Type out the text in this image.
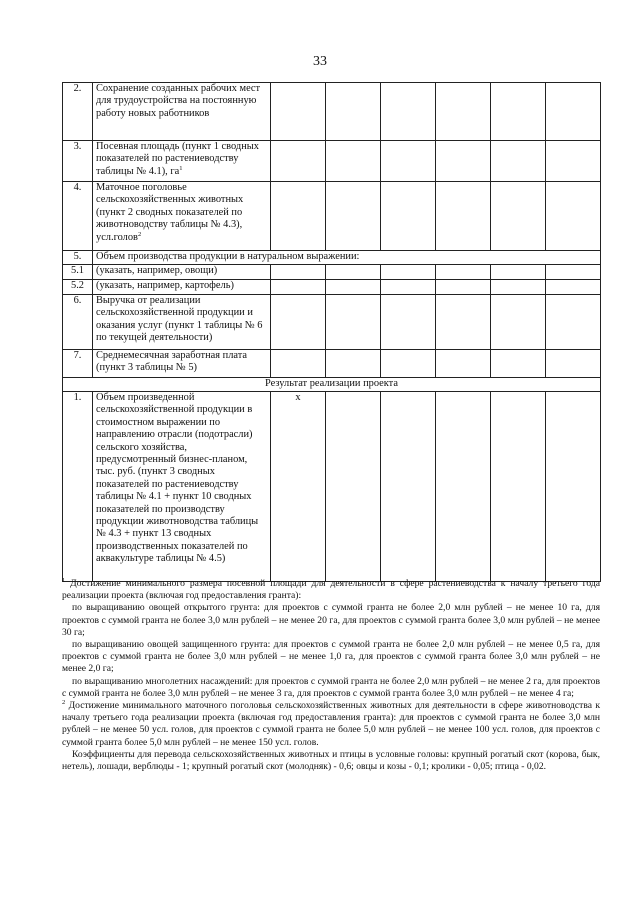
33
2.	Сохранение созданных рабочих мест для трудоустройства на постоянную работу новых работников						
3.	Посевная площадь (пункт 1 сводных показателей по растениеводству таблицы № 4.1), $га^1$						
4.	Маточное поголовье сельскохозяйственных животных (пункт 2 сводных показателей по животноводству таблицы № 4.3), усл.голов$^2$						
5.	Объем производства продукции в натуральном выражении:						
5.1	(указать, например, овощи)						
5.2	(указать, например, картофель)						
6.	Выручка от реализации сельскохозяйственной продукции и оказания услуг (пункт 1 таблицы № 6 по текущей деятельности)						
7.	Среднемесячная заработная плата (пункт 3 таблицы № 5)						
Результат реализации проекта							
1.	Объем произведенной сельскохозяйственной продукции в стоимостном выражении по направлению отрасли (подотрасли) сельского хозяйства, предусмотренный бизнес-планом, тыс. руб. (пункт 3 сводных показателей по растениеводству таблицы № 4.1 + пункт 10 сводных показателей по производству продукции животноводства таблицы № 4.3 + пункт 13 сводных производственных показателей по аквакультуре таблицы № 4.5)	х					

$^1$ Достижение минимального размера посевной площади для деятельности в сфере растениеводства к началу третьего года реализации проекта (включая год предоставления гранта):

по выращиванию овощей открытого грунта: для проектов с суммой гранта не более 2,0 млн рублей – не менее 10 га, для проектов с суммой гранта не более 3,0 млн рублей – не менее 20 га, для проектов с суммой гранта более 3,0 млн рублей – не менее 30 га;

по выращиванию овощей защищенного грунта: для проектов с суммой гранта не более 2,0 млн рублей – не менее 0,5 га, для проектов с суммой гранта не более 3,0 млн рублей – не менее 1,0 га, для проектов с суммой гранта более 3,0 млн рублей – не менее 2,0 га;

по выращиванию многолетних насаждений: для проектов с суммой гранта не более 2,0 млн рублей – не менее 2 га, для проектов с суммой гранта не более 3,0 млн рублей – не менее 3 га, для проектов с суммой гранта более 3,0 млн рублей – не менее 4 га;

$^2$ Достижение минимального маточного поголовья сельскохозяйственных животных для деятельности в сфере животноводства к началу третьего года реализации проекта (включая год предоставления гранта): для проектов с суммой гранта не более 3,0 млн рублей – не менее 50 усл. голов, для проектов с суммой гранта не более 5,0 млн рублей – не менее 100 усл. голов, для проектов с суммой гранта более 5,0 млн рублей – не менее 150 усл. голов.

Коэффициенты для перевода сельскохозяйственных животных и птицы в условные головы: крупный рогатый скот (корова, бык, нетель), лошади, верблюды - 1; крупный рогатый скот (молодняк) - 0,6; овцы и козы - 0,1; кролики - 0,05; птица - 0,02.
